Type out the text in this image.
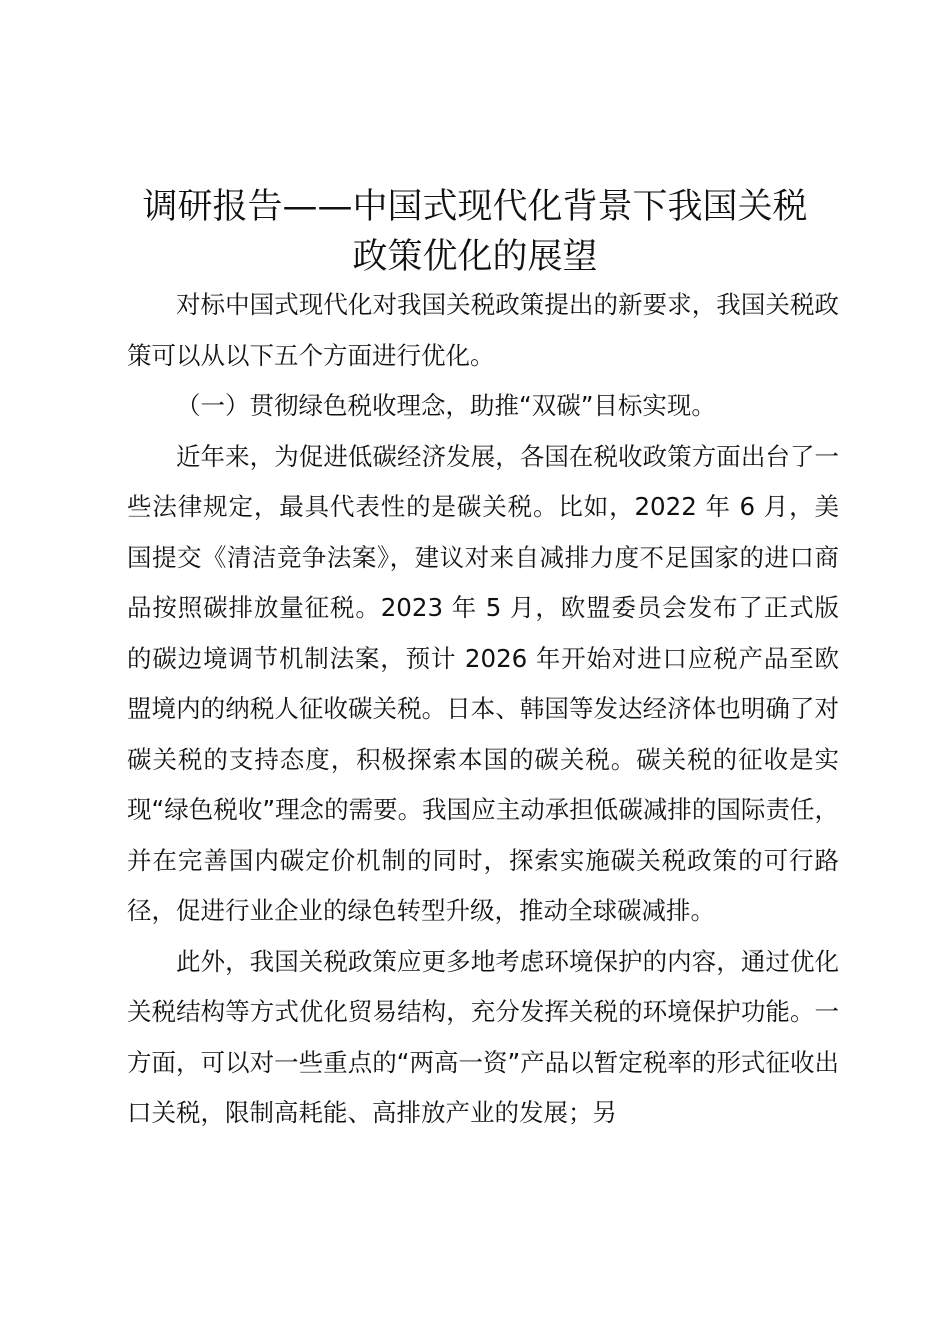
调研报告——中国式现代化背景下我国关税
政策优化的展望

对标中国式现代化对我国关税政策提出的新要求，我国关税政策可以从以下五个方面进行优化。

（一）贯彻绿色税收理念，助推“双碳”目标实现。

近年来，为促进低碳经济发展，各国在税收政策方面出台了一些法律规定，最具代表性的是碳关税。比如，2022 年 6 月，美国提交《清洁竞争法案》，建议对来自减排力度不足国家的进口商品按照碳排放量征税。2023 年 5 月，欧盟委员会发布了正式版的碳边境调节机制法案，预计 2026 年开始对进口应税产品至欧盟境内的纳税人征收碳关税。日本、韩国等发达经济体也明确了对碳关税的支持态度，积极探索本国的碳关税。碳关税的征收是实现“绿色税收”理念的需要。我国应主动承担低碳减排的国际责任，并在完善国内碳定价机制的同时，探索实施碳关税政策的可行路径，促进行业企业的绿色转型升级，推动全球碳减排。

此外，我国关税政策应更多地考虑环境保护的内容，通过优化关税结构等方式优化贸易结构，充分发挥关税的环境保护功能。一方面，可以对一些重点的“两高一资”产品以暂定税率的形式征收出口关税，限制高耗能、高排放产业的发展；另
